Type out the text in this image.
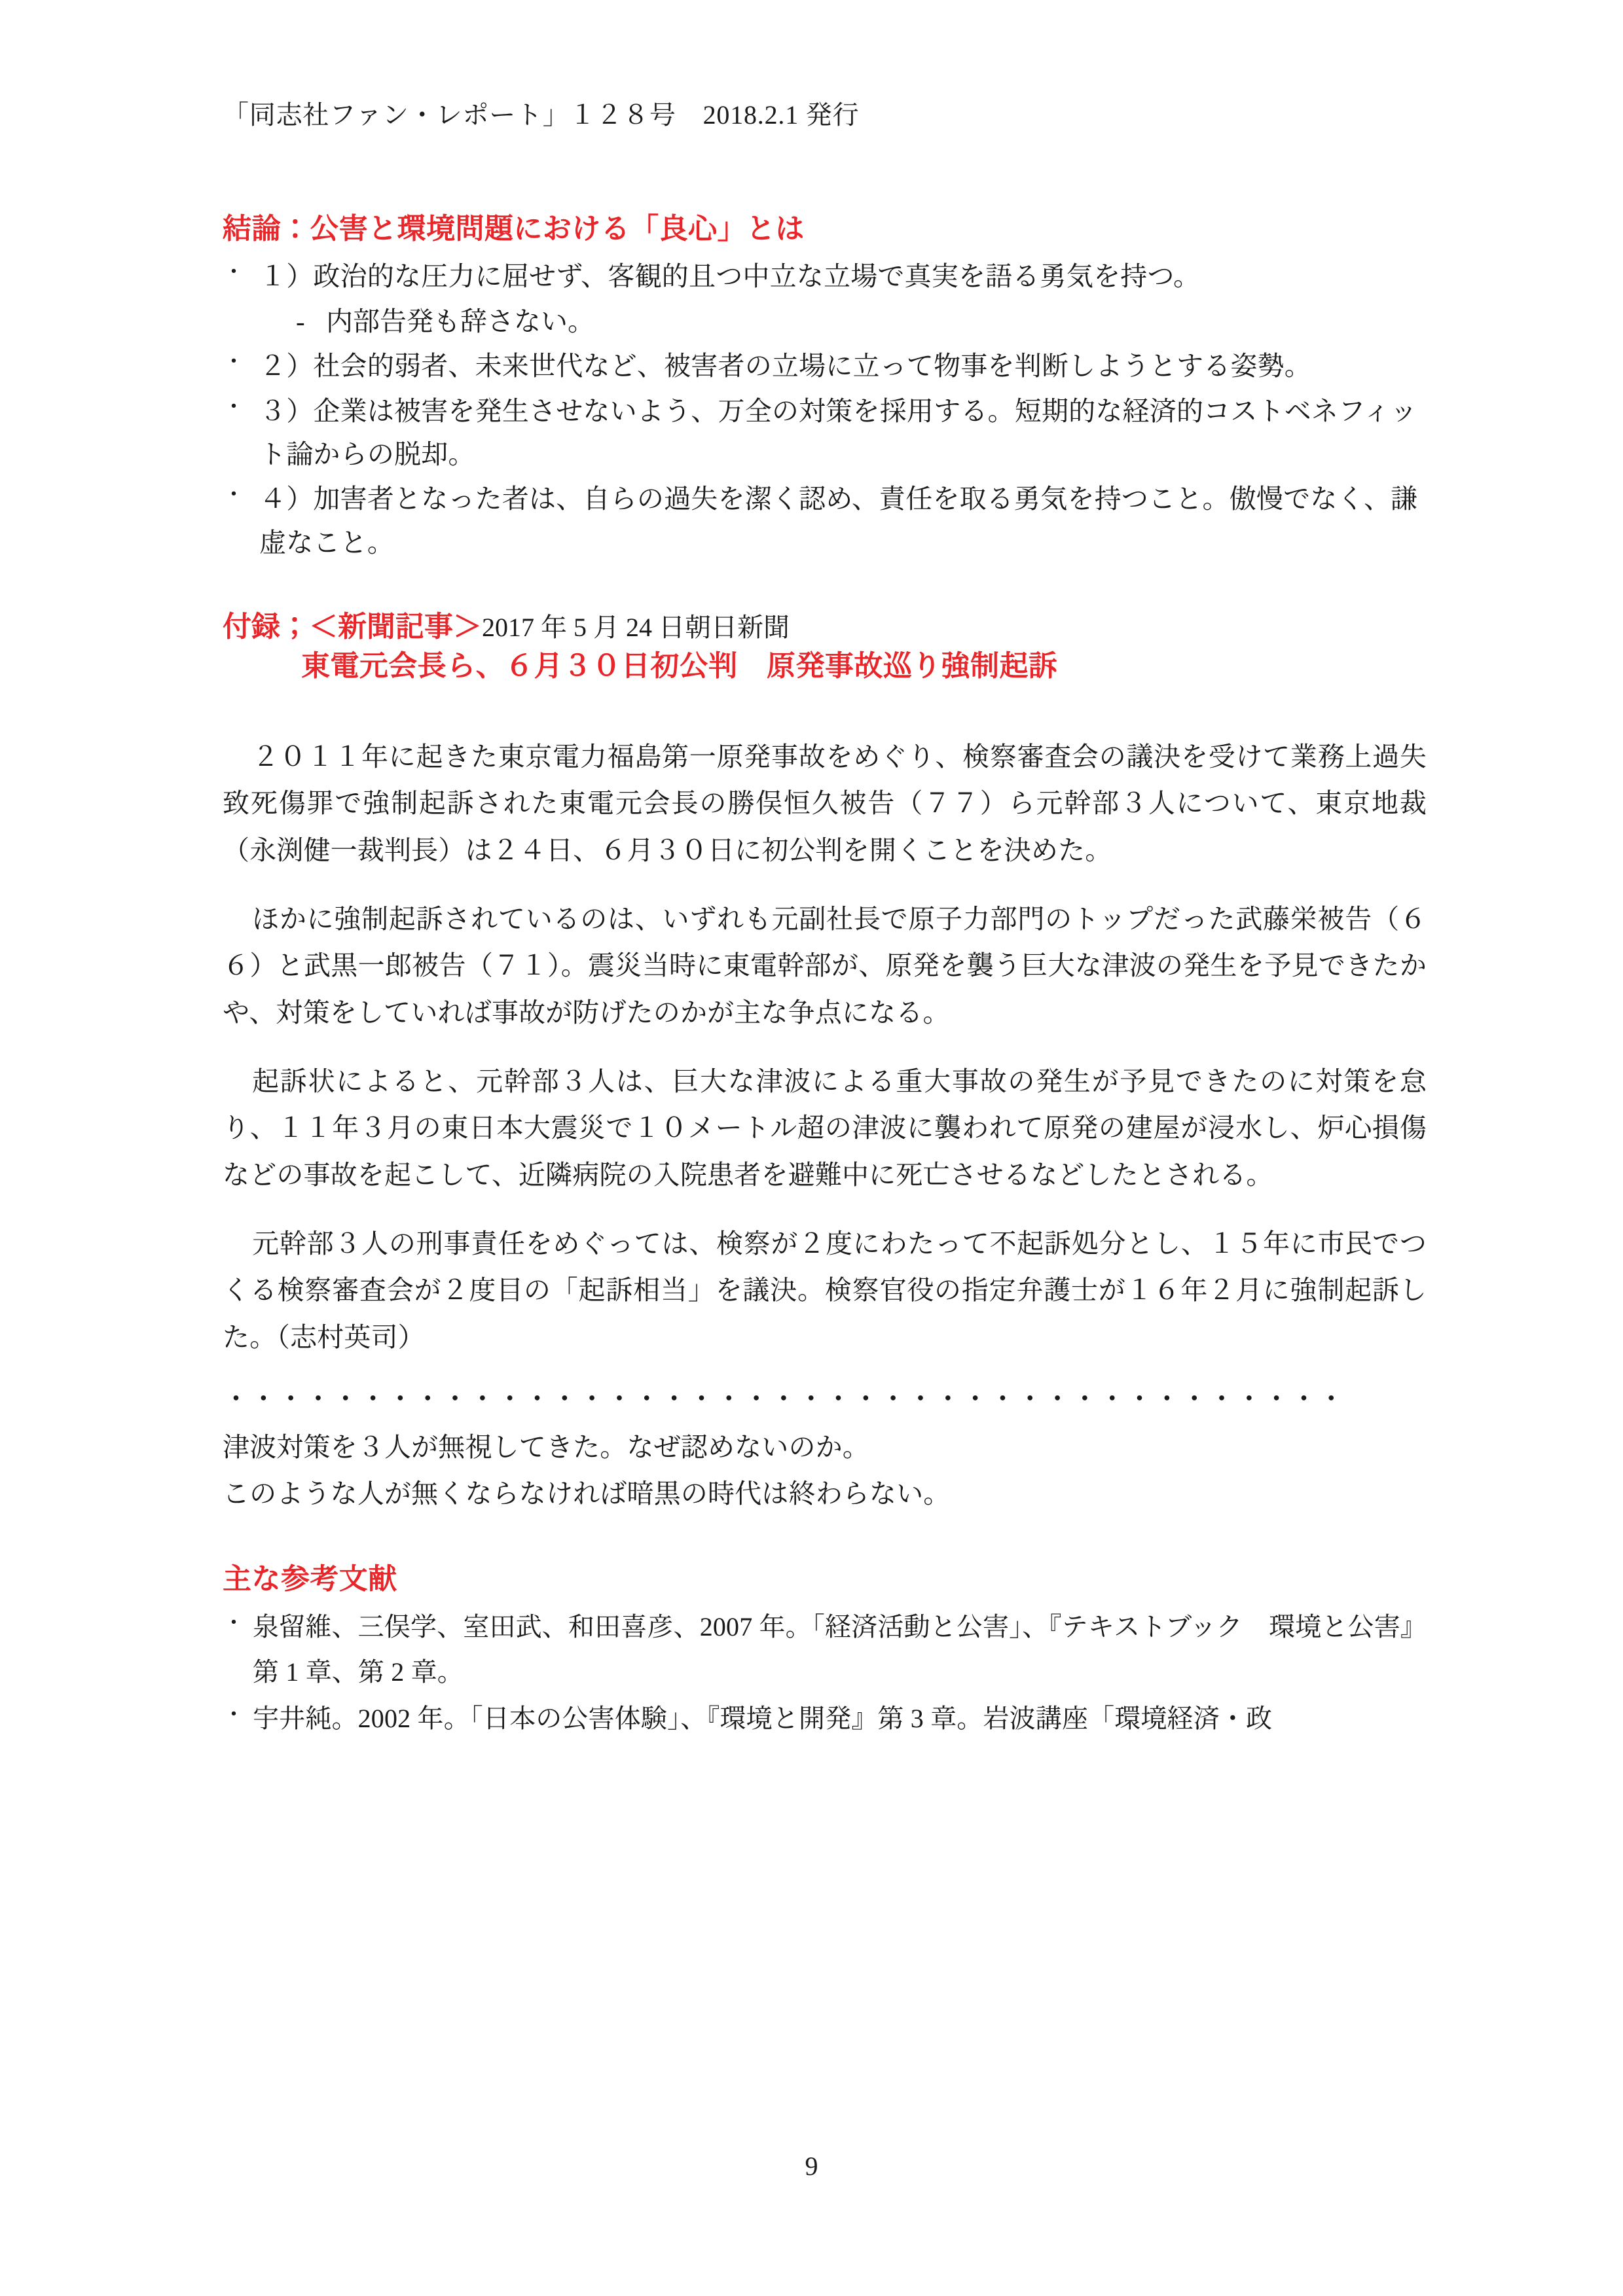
「同志社ファン・レポート」１２８号　2018.2.1 発行
結論：公害と環境問題における「良心」とは
・ １）政治的な圧力に屈せず、客観的且つ中立な立場で真実を語る勇気を持つ。
‑ 内部告発も辞さない。
・ ２）社会的弱者、未来世代など、被害者の立場に立って物事を判断しようとする姿勢。
・ ３）企業は被害を発生させないよう、万全の対策を採用する。短期的な経済的コストベネフィット論からの脱却。
・ ４）加害者となった者は、自らの過失を潔く認め、責任を取る勇気を持つこと。傲慢でなく、謙虚なこと。
付録；＜新聞記事＞2017 年 5 月 24 日朝日新聞
東電元会長ら、６月３０日初公判　原発事故巡り強制起訴

２０１１年に起きた東京電力福島第一原発事故をめぐり、検察審査会の議決を受けて業務上過失致死傷罪で強制起訴された東電元会長の勝俣恒久被告（７７）ら元幹部３人について、東京地裁（永渕健一裁判長）は２４日、６月３０日に初公判を開くことを決めた。

ほかに強制起訴されているのは、いずれも元副社長で原子力部門のトップだった武藤栄被告（６６）と武黒一郎被告（７１）。震災当時に東電幹部が、原発を襲う巨大な津波の発生を予見できたかや、対策をしていれば事故が防げたのかが主な争点になる。

起訴状によると、元幹部３人は、巨大な津波による重大事故の発生が予見できたのに対策を怠り、１１年３月の東日本大震災で１０メートル超の津波に襲われて原発の建屋が浸水し、炉心損傷などの事故を起こして、近隣病院の入院患者を避難中に死亡させるなどしたとされる。

元幹部３人の刑事責任をめぐっては、検察が２度にわたって不起訴処分とし、１５年に市民でつくる検察審査会が２度目の「起訴相当」を議決。検察官役の指定弁護士が１６年２月に強制起訴した。（志村英司）

・・・・・・・・・・・・・・・・・・・・・・・・・・・・・・・・・・・・・・・・・
津波対策を３人が無視してきた。なぜ認めないのか。
このような人が無くならなければ暗黒の時代は終わらない。
主な参考文献
・ 泉留維、三俣学、室田武、和田喜彦、2007 年。「経済活動と公害」、『テキストブック　環境と公害』　第 1 章、第 2 章。
・ 宇井純。2002 年。「日本の公害体験」、『環境と開発』第 3 章。岩波講座「環境経済・政
9
